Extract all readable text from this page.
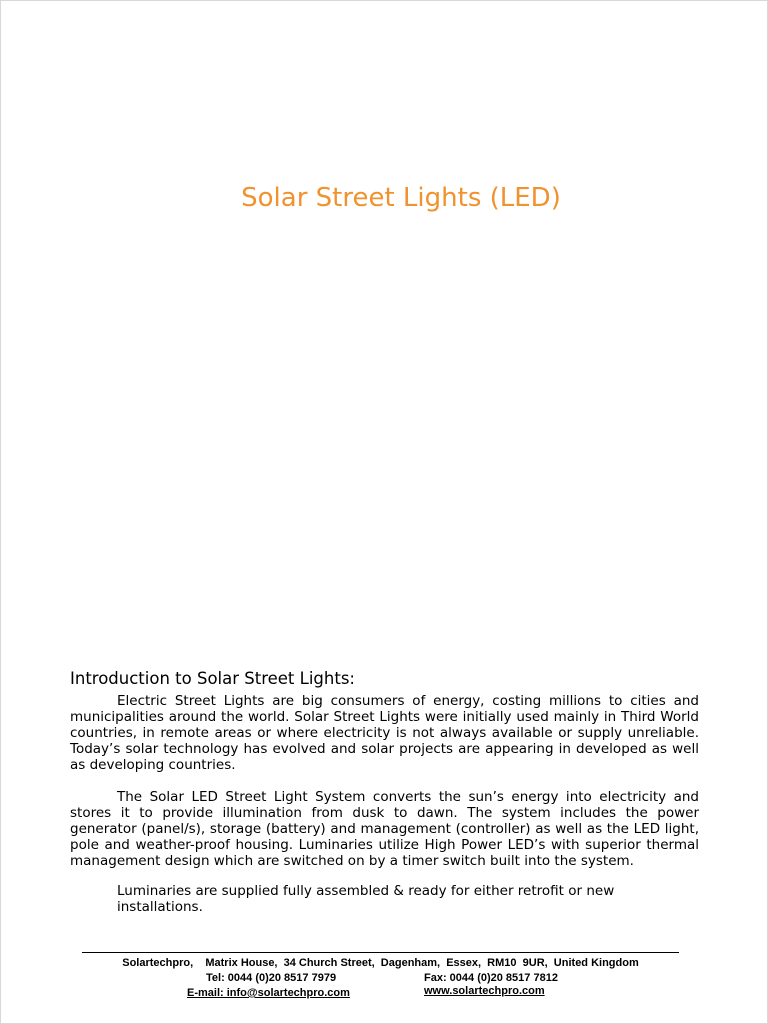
Solar Street Lights (LED)
Introduction to Solar Street Lights:

Electric Street Lights are big consumers of energy, costing millions to cities and municipalities around the world. Solar Street Lights were initially used mainly in Third World countries, in remote areas or where electricity is not always available or supply unreliable. Today’s solar technology has evolved and solar projects are appearing in developed as well as developing countries.

The Solar LED Street Light System converts the sun’s energy into electricity and stores it to provide illumination from dusk to dawn. The system includes the power generator (panel/s), storage (battery) and management (controller) as well as the LED light, pole and weather-proof housing. Luminaries utilize High Power LED’s with superior thermal management design which are switched on by a timer switch built into the system.

Luminaries are supplied fully assembled & ready for either retrofit or new installations.

Solartechpro,    Matrix House,  34 Church Street,  Dagenham,  Essex,  RM10  9UR,  United Kingdom
Tel: 0044 (0)20 8517 7979	Fax: 0044 (0)20 8517 7812
E-mail: info@solartechpro.com	www.solartechpro.com
